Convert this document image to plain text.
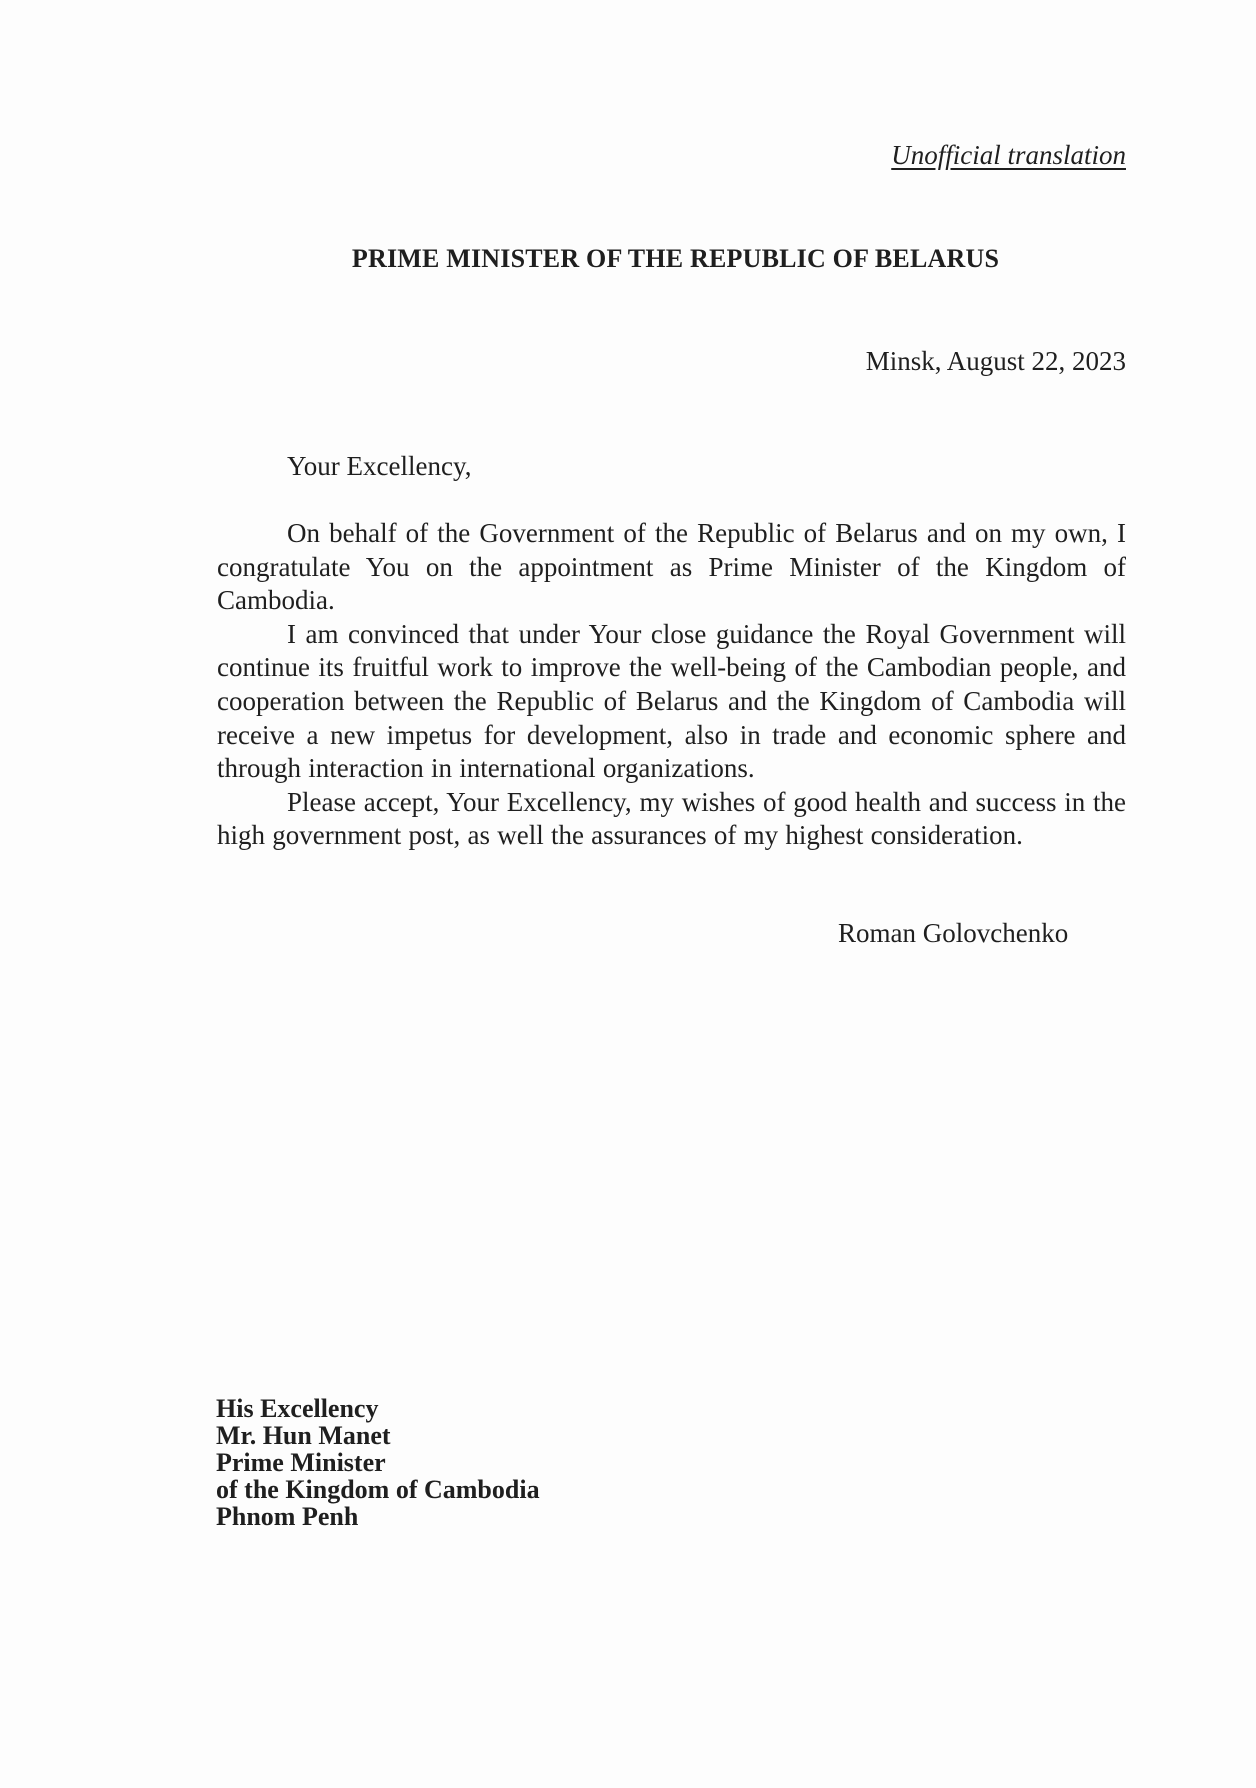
Unofficial translation
PRIME MINISTER OF THE REPUBLIC OF BELARUS
Minsk, August 22, 2023
Your Excellency,

On behalf of the Government of the Republic of Belarus and on my own, I congratulate You on the appointment as Prime Minister of the Kingdom of Cambodia.

I am convinced that under Your close guidance the Royal Government will continue its fruitful work to improve the well-being of the Cambodian people, and cooperation between the Republic of Belarus and the Kingdom of Cambodia will receive a new impetus for development, also in trade and economic sphere and through interaction in international organizations.

Please accept, Your Excellency, my wishes of good health and success in the high government post, as well the assurances of my highest consideration.

Roman Golovchenko
His Excellency
Mr. Hun Manet
Prime Minister
of the Kingdom of Cambodia
Phnom Penh
